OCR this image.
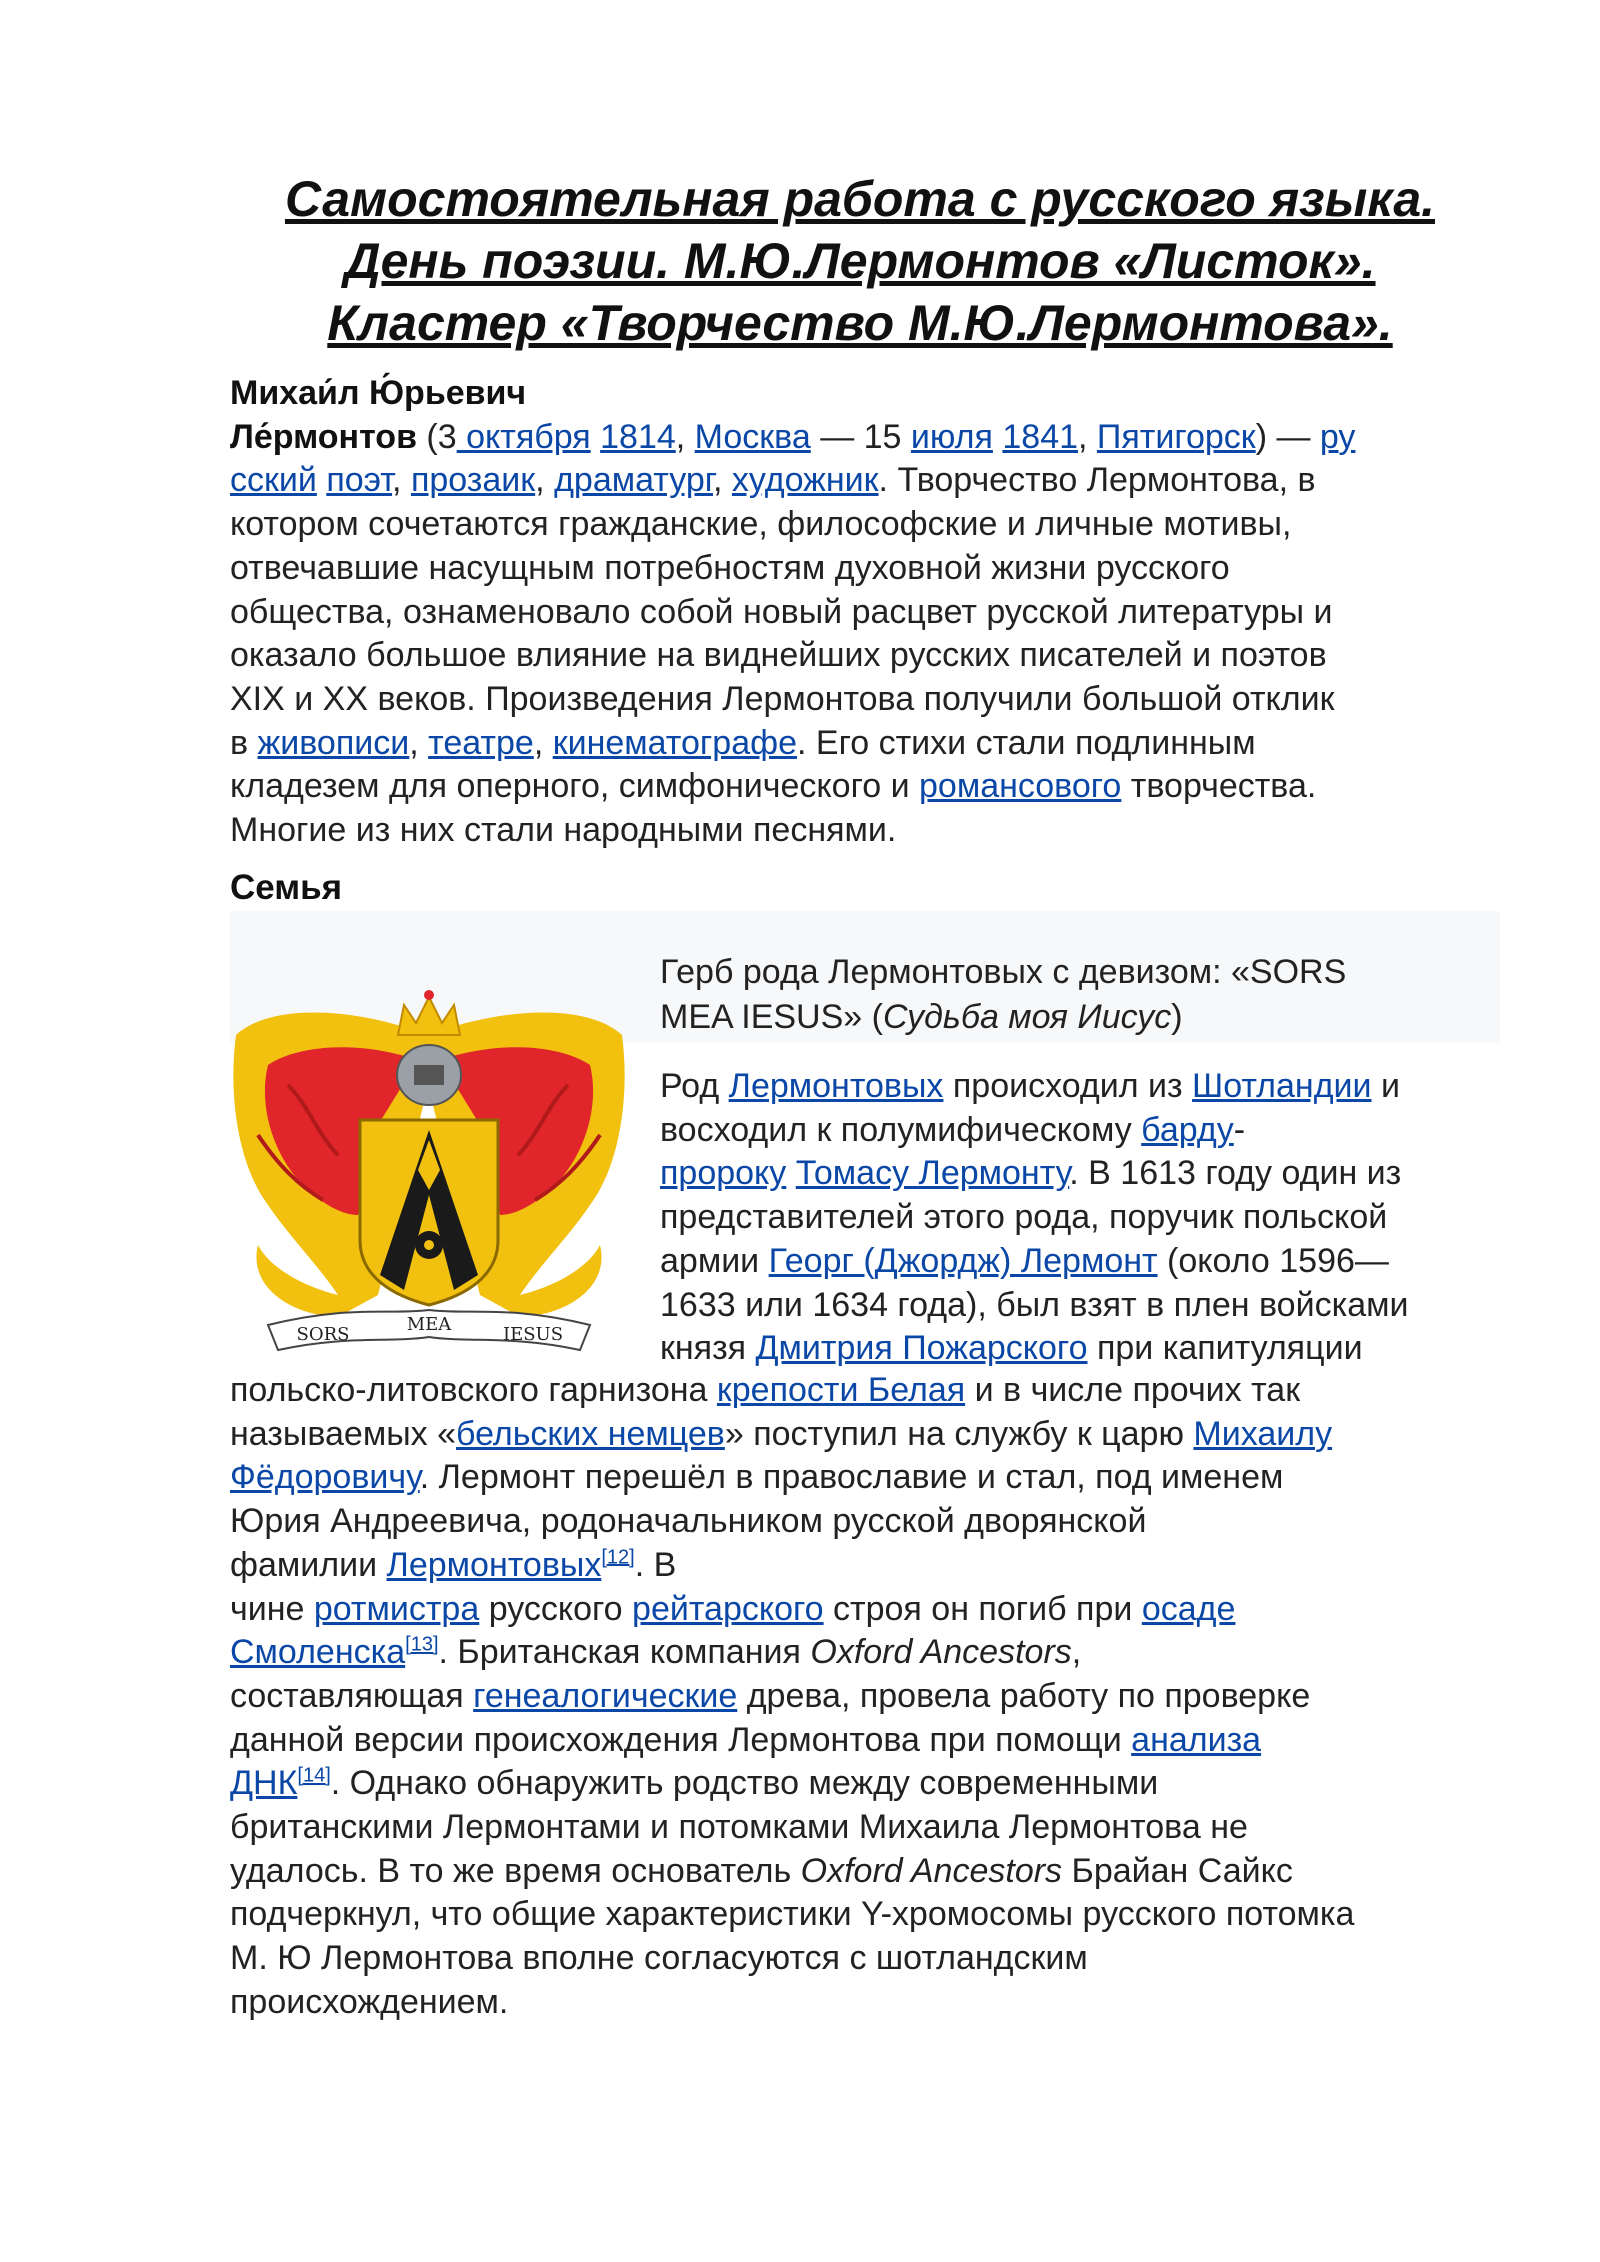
Самостоятельная работа с русского языка.
День поэзии. М.Ю.Лермонтов «Листок».
Кластер «Творчество М.Ю.Лермонтова».
Михаи́л Ю́рьевич
Ле́рмонтов (3 октября 1814, Москва — 15 июля 1841, Пятигорск) — ру
сский поэт, прозаик, драматург, художник. Творчество Лермонтова, в
котором сочетаются гражданские, философские и личные мотивы,
отвечавшие насущным потребностям духовной жизни русского
общества, ознаменовало собой новый расцвет русской литературы и
оказало большое влияние на виднейших русских писателей и поэтов
XIX и XX веков. Произведения Лермонтова получили большой отклик
в живописи, театре, кинематографе. Его стихи стали подлинным
кладезем для оперного, симфонического и романсового творчества.
Многие из них стали народными песнями.
Семья
Герб рода Лермонтовых с девизом: «SORS
MEA IESUS» (Судьба моя Иисус)
SORS	MEA	IESUS
Род Лермонтовых происходил из Шотландии и
восходил к полумифическому барду-
пророку Томасу Лермонту. В 1613 году один из
представителей этого рода, поручик польской
армии Георг (Джордж) Лермонт (около 1596—
1633 или 1634 года), был взят в плен войсками
князя Дмитрия Пожарского при капитуляции
польско-литовского гарнизона крепости Белая и в числе прочих так
называемых «бельских немцев» поступил на службу к царю Михаилу
Фёдоровичу. Лермонт перешёл в православие и стал, под именем
Юрия Андреевича, родоначальником русской дворянской
фамилии Лермонтовых[12]. В
чине ротмистра русского рейтарского строя он погиб при осаде
Смоленска[13]. Британская компания Oxford Ancestors,
составляющая генеалогические древа, провела работу по проверке
данной версии происхождения Лермонтова при помощи анализа
ДНК[14]. Однако обнаружить родство между современными
британскими Лермонтами и потомками Михаила Лермонтова не
удалось. В то же время основатель Oxford Ancestors Брайан Сайкс
подчеркнул, что общие характеристики Y-хромосомы русского потомка
М. Ю Лермонтова вполне согласуются с шотландским
происхождением.
